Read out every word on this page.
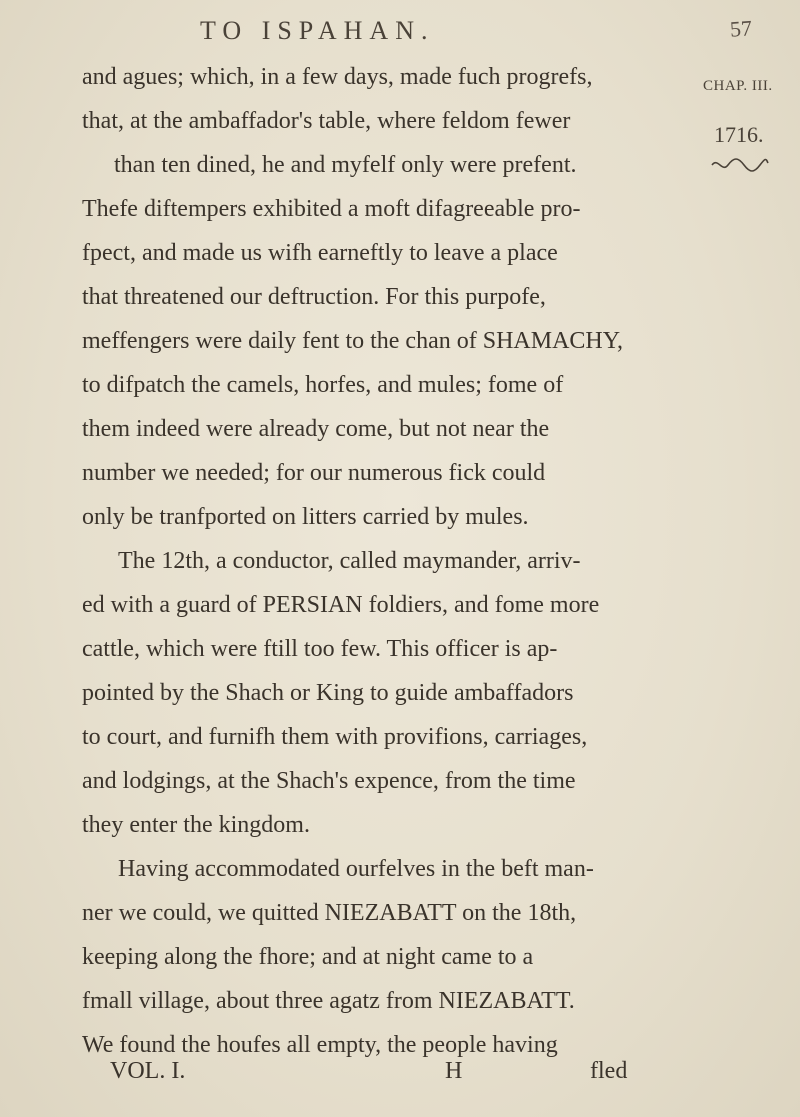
TO ISPAHAN.	57
CHAP. III.
1716.
and agues; which, in a few days, made fuch progrefs,
that, at the ambaffador's table, where feldom fewer
than ten dined, he and myfelf only were prefent.
Thefe diftempers exhibited a moft difagreeable pro-
fpect, and made us wifh earneftly to leave a place
that threatened our deftruction. For this purpofe,
meffengers were daily fent to the chan of SHAMACHY,
to difpatch the camels, horfes, and mules; fome of
them indeed were already come, but not near the
number we needed; for our numerous fick could
only be tranfported on litters carried by mules.
The 12th, a conductor, called maymander, arriv-
ed with a guard of PERSIAN foldiers, and fome more
cattle, which were ftill too few. This officer is ap-
pointed by the Shach or King to guide ambaffadors
to court, and furnifh them with provifions, carriages,
and lodgings, at the Shach's expence, from the time
they enter the kingdom.
Having accommodated ourfelves in the beft man-
ner we could, we quitted NIEZABATT on the 18th,
keeping along the fhore; and at night came to a
fmall village, about three agatz from NIEZABATT.
We found the houfes all empty, the people having
VOL. I.	H	fled
